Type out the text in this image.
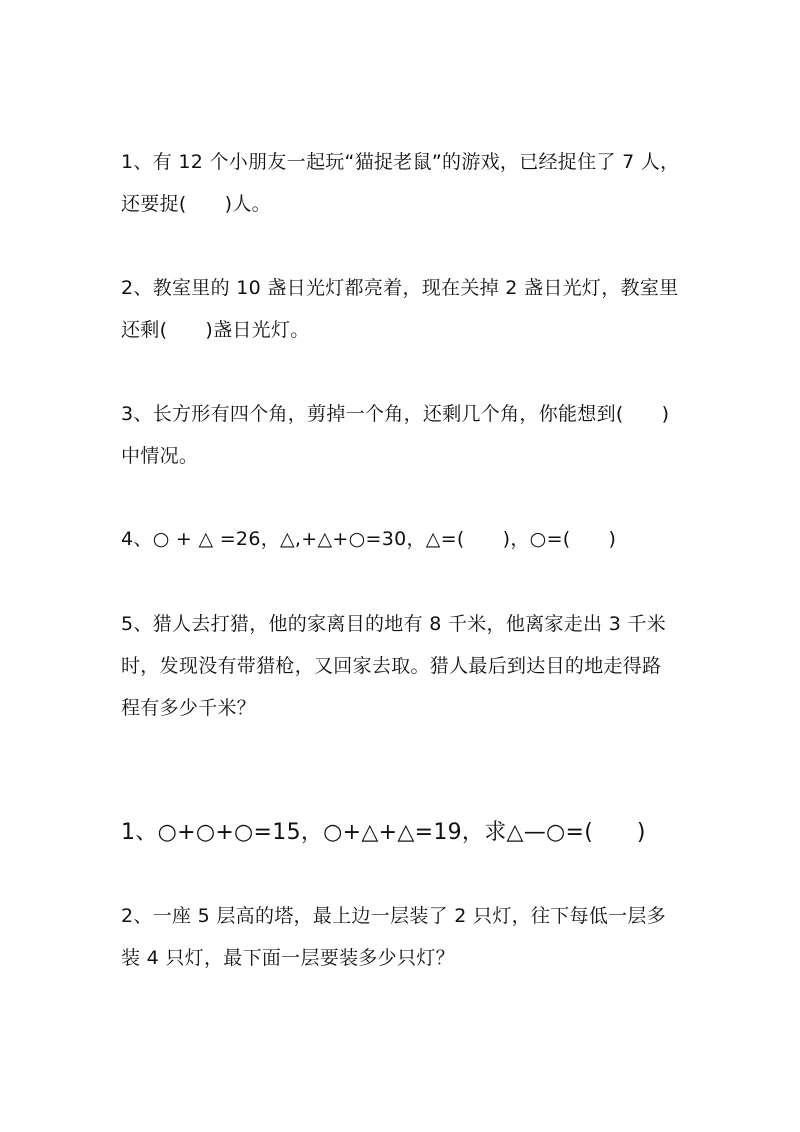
1、有 12 个小朋友一起玩“猫捉老鼠”的游戏，已经捉住了 7 人，
还要捉(      )人。
2、教室里的 10 盏日光灯都亮着，现在关掉 2 盏日光灯，教室里
还剩(      )盏日光灯。
3、长方形有四个角，剪掉一个角，还剩几个角，你能想到(      )
中情况。
4、○ + △ =26，△,+△+○=30，△=(      )，○=(      )
5、猎人去打猎，他的家离目的地有 8 千米，他离家走出 3 千米
时，发现没有带猎枪，又回家去取。猎人最后到达目的地走得路
程有多少千米？
1、○+○+○=15，○+△+△=19，求△—○=(      )
2、一座 5 层高的塔，最上边一层装了 2 只灯，往下每低一层多
装 4 只灯，最下面一层要装多少只灯？
